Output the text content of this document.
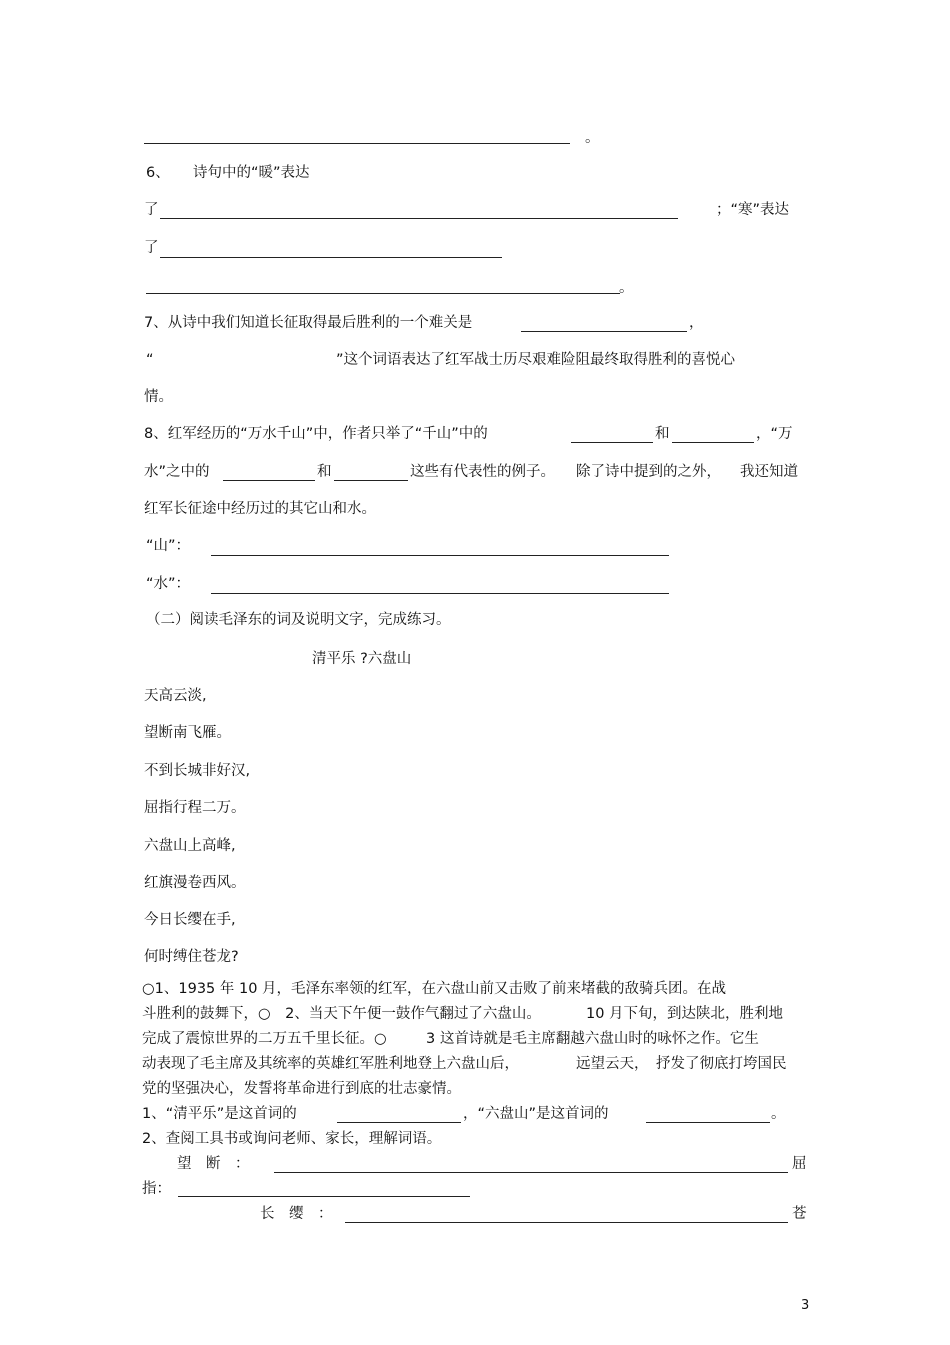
。
6、 诗句中的“暖”表达
了	；“寒”表达
了
。
7、从诗中我们知道长征取得最后胜利的一个难关是	，
“	”这个词语表达了红军战士历尽艰难险阻最终取得胜利的喜悦心
情。
8、红军经历的“万水千山”中，作者只举了“千山”中的	和	，“万
水”之中的	和	这些有代表性的例子。 除了诗中提到的之外， 我还知道
红军长征途中经历过的其它山和水。
“山”：
“水”：
（二）阅读毛泽东的词及说明文字，完成练习。
清平乐 ?六盘山
天高云淡,
望断南飞雁。
不到长城非好汉,
屈指行程二万。
六盘山上高峰,
红旗漫卷西风。
今日长缨在手,
何时缚住苍龙?
○1、1935 年 10 月，毛泽东率领的红军，在六盘山前又击败了前来堵截的敌骑兵团。在战
斗胜利的鼓舞下，○　2、当天下午便一鼓作气翻过了六盘山。	10 月下旬，到达陕北，胜利地
完成了震惊世界的二万五千里长征。○	3 这首诗就是毛主席翻越六盘山时的咏怀之作。它生
动表现了毛主席及其统率的英雄红军胜利地登上六盘山后，	远望云天， 抒发了彻底打垮国民
党的坚强决心，发誓将革命进行到底的壮志豪情。
1、“清平乐”是这首词的	，“六盘山”是这首词的	。
2、查阅工具书或询问老师、家长，理解词语。
望　断　：	屈
指：
长　缨　：	苍
3
